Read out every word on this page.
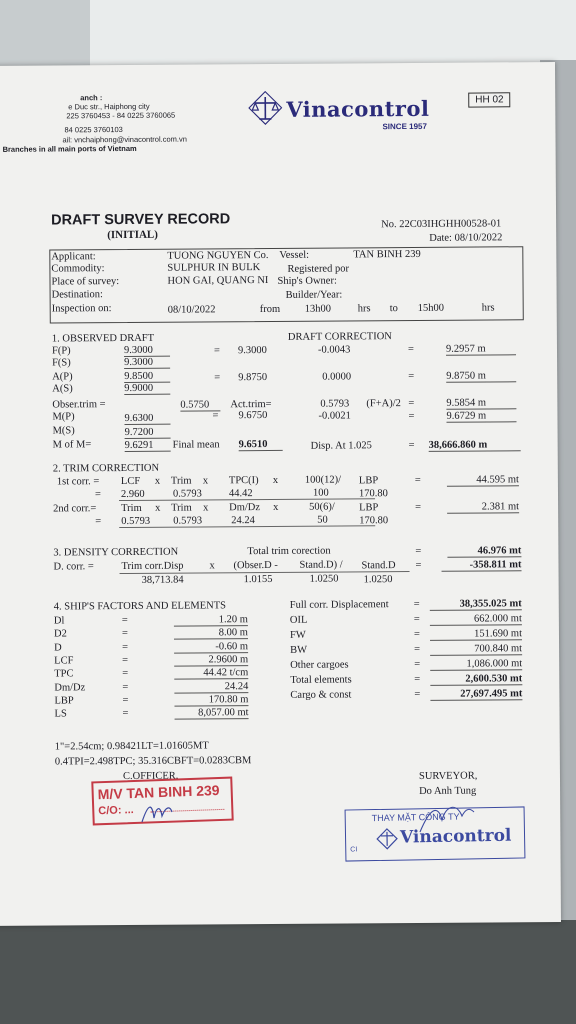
anch :
e Duc str., Haiphong city
225 3760453 - 84 0225 3760065
84 0225 3760103
ail: vnchaiphong@vinacontrol.com.vn
Branches in all main ports of Vietnam
HH 02
Vinacontrol
SINCE 1957
DRAFT SURVEY RECORD
(INITIAL)
No. 22C03IHGHH00528-01
Date: 08/10/2022
Applicant:	TUONG NGUYEN Co. Vessel:	TAN BINH 239
Commodity:	SULPHUR IN BULK	Registered por
Place of survey:	HON GAI, QUANG NI Ship's Owner:
Destination:	Builder/Year:
Inspection on:	08/10/2022	from 13h00	hrs to 15h00	hrs
1. OBSERVED DRAFT	DRAFT CORRECTION
F(P)	9.3000	= 9.3000	-0.0043	=	9.2957 m
F(S)	9.3000
A(P)	9.8500	= 9.8750	0.0000	=	9.8750 m
A(S)	9.9000
Obser.trim =	0.5750	Act.trim=	0.5793 (F+A)/2 =	9.5854 m
M(P)	9.6300	= 9.6750	-0.0021	=	9.6729 m
M(S)	9.7200
M of M=	9.6291	Final mean 9.6510	Disp. At 1.025	= 38,666.860 m
2. TRIM CORRECTION
1st corr. = LCF x Trim x TPC(I) x	100(12)/ LBP	=	44.595 mt
= 2.960	0.5793	44.42	100	170.80
2nd corr.= Trim x Trim x Dm/Dz x	50(6)/ LBP	=	2.381 mt
= 0.5793 0.5793	24.24	50	170.80
3. DENSITY CORRECTION	Total trim corection	=	46.976 mt
D. corr. =	Trim corr.Disp x (Obser.D - Stand.D) / Stand.D =	-358.811 mt
38,713.84	1.0155	1.0250 1.0250
4. SHIP'S FACTORS AND ELEMENTS
1"=2.54cm; 0.98421LT=1.01605MT
0.4TPI=2.498TPC; 35.316CBFT=0.0283CBM
C.OFFICER,	SURVEYOR,
Do Anh Tung
Dl	=	1.20 m
D2	=	8.00 m
D	=	-0.60 m
LCF	=	2.9600 m
TPC	=	44.42 t/cm
Dm/Dz	=	24.24
LBP	=	170.80 m
LS	=	8,057.00 mt
Full corr. Displacement =	38,355.025 mt
OIL	=	662.000 mt
FW	=	151.690 mt
BW	=	700.840 mt
Other cargoes	=	1,086.000 mt
Total elements	=	2,600.530 mt
Cargo & const	=	27,697.495 mt
M/V TAN BINH 239
C/O: ...
THAY MẶT CÔNG TY
Vinacontrol
CI
